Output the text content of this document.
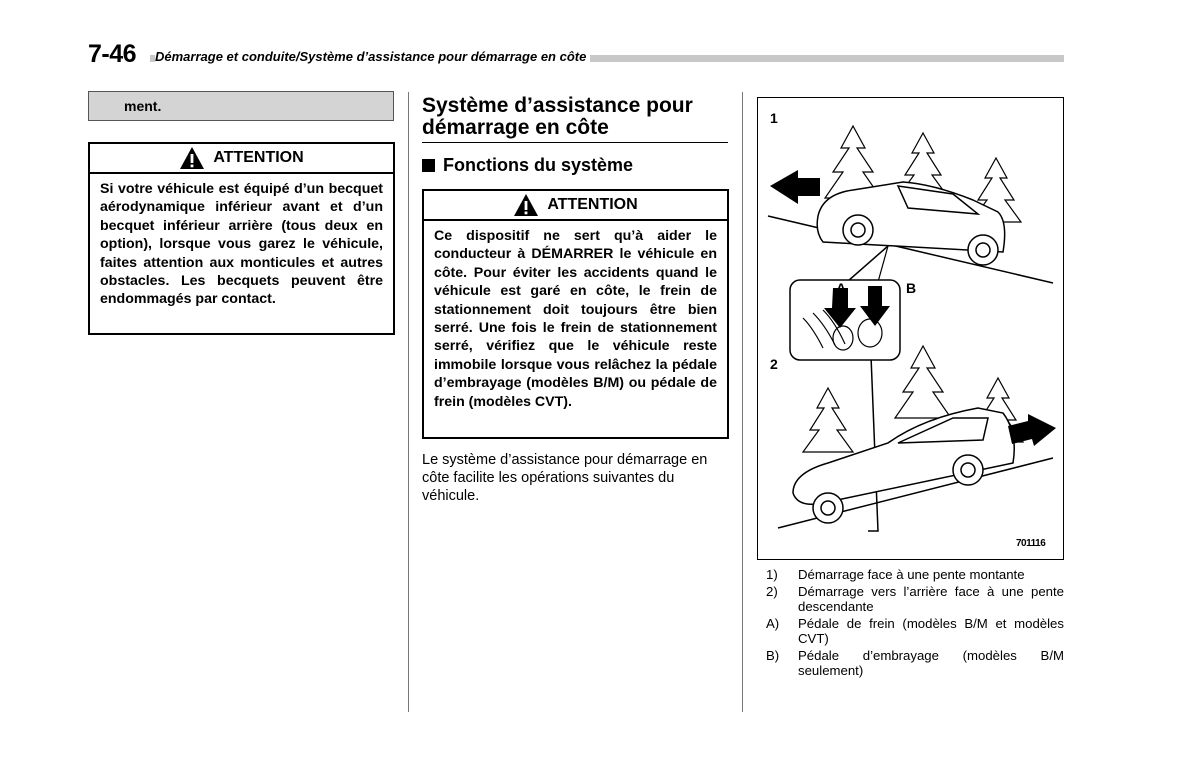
7-46 Démarrage et conduite/Système d’assistance pour démarrage en côte
ment.
ATTENTION

Si votre véhicule est équipé d’un becquet aérodynamique inférieur avant et d’un becquet inférieur arrière (tous deux en option), lorsque vous garez le véhicule, faites attention aux monticules et autres obstacles. Les becquets peuvent être endommagés par contact.

Système d’assistance pour démarrage en côte
Fonctions du système
ATTENTION

Ce dispositif ne sert qu’à aider le conducteur à DÉMARRER le véhicule en côte. Pour éviter les accidents quand le véhicule est garé en côte, le frein de stationnement doit toujours être bien serré. Une fois le frein de stationnement serré, vérifiez que le véhicule reste immobile lorsque vous relâchez la pédale d’embrayage (modèles B/M) ou pédale de frein (modèles CVT).

Le système d’assistance pour démarrage en côte facilite les opérations suivantes du véhicule.
1
2
A	B
701116
1)	Démarrage face à une pente montante
2)	Démarrage vers l’arrière face à une pente descendante
A)	Pédale de frein (modèles B/M et modèles CVT)
B)	Pédale d’embrayage (modèles B/M seulement)
